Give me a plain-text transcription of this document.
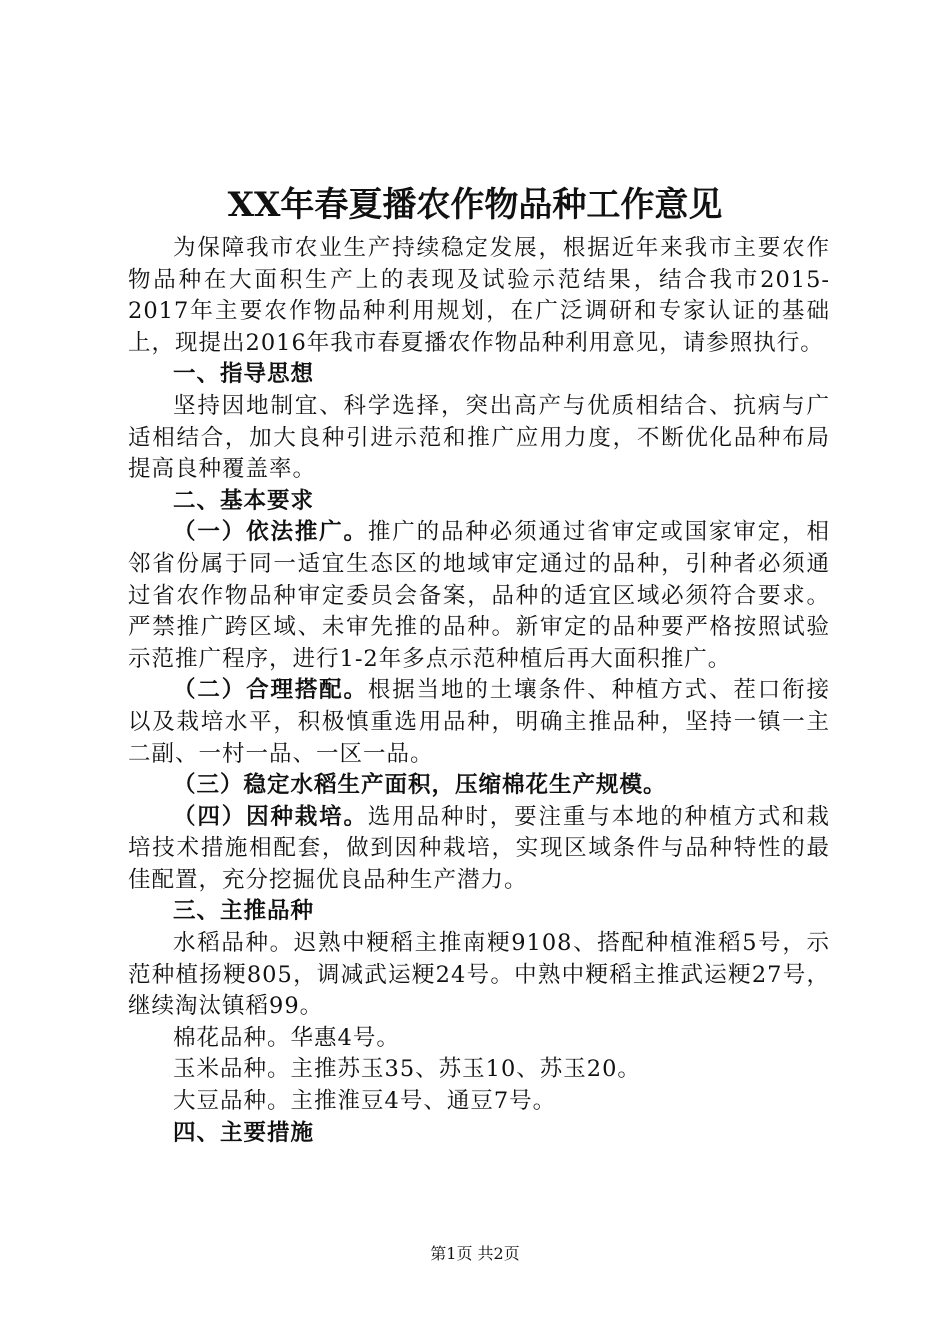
XX年春夏播农作物品种工作意见

为保障我市农业生产持续稳定发展，根据近年来我市主要农作物品种在大面积生产上的表现及试验示范结果，结合我市2015-2017年主要农作物品种利用规划，在广泛调研和专家认证的基础上，现提出2016年我市春夏播农作物品种利用意见，请参照执行。

一、指导思想

坚持因地制宜、科学选择，突出高产与优质相结合、抗病与广适相结合，加大良种引进示范和推广应用力度，不断优化品种布局提高良种覆盖率。

二、基本要求

（一）依法推广。推广的品种必须通过省审定或国家审定，相邻省份属于同一适宜生态区的地域审定通过的品种，引种者必须通过省农作物品种审定委员会备案，品种的适宜区域必须符合要求。严禁推广跨区域、未审先推的品种。新审定的品种要严格按照试验示范推广程序，进行1-2年多点示范种植后再大面积推广。

（二）合理搭配。根据当地的土壤条件、种植方式、茬口衔接以及栽培水平，积极慎重选用品种，明确主推品种，坚持一镇一主二副、一村一品、一区一品。

（三）稳定水稻生产面积，压缩棉花生产规模。

（四）因种栽培。选用品种时，要注重与本地的种植方式和栽培技术措施相配套，做到因种栽培，实现区域条件与品种特性的最佳配置，充分挖掘优良品种生产潜力。

三、主推品种

水稻品种。迟熟中粳稻主推南粳9108、搭配种植淮稻5号，示范种植扬粳805，调减武运粳24号。中熟中粳稻主推武运粳27号，继续淘汰镇稻99。

棉花品种。华惠4号。

玉米品种。主推苏玉35、苏玉10、苏玉20。

大豆品种。主推淮豆4号、通豆7号。

四、主要措施

第1页 共2页
